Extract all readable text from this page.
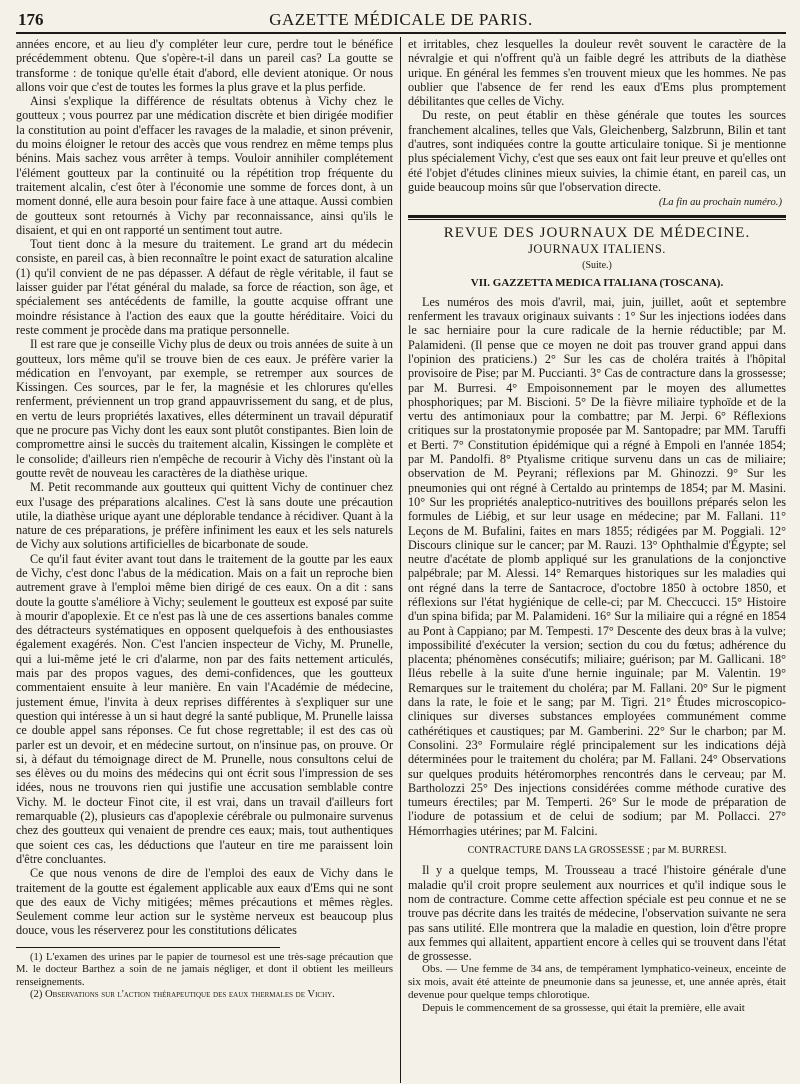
176	GAZETTE MÉDICALE DE PARIS.

années encore, et au lieu d'y compléter leur cure, perdre tout le bénéfice précédemment obtenu. Que s'opère-t-il dans un pareil cas? La goutte se transforme : de tonique qu'elle était d'abord, elle devient atonique. Or nous allons voir que c'est de toutes les formes la plus grave et la plus perfide.

Ainsi s'explique la différence de résultats obtenus à Vichy chez le goutteux ; vous pourrez par une médication discrète et bien dirigée modifier la constitution au point d'effacer les ravages de la maladie, et sinon prévenir, du moins éloigner le retour des accès que vous rendrez en même temps plus bénins. Mais sachez vous arrêter à temps. Vouloir annihiler complétement l'élément goutteux par la continuité ou la répétition trop fréquente du traitement alcalin, c'est ôter à l'économie une somme de forces dont, à un moment donné, elle aura besoin pour faire face à une attaque. Aussi combien de goutteux sont retournés à Vichy par reconnaissance, ainsi qu'ils le disaient, et qui en ont rapporté un sentiment tout autre.

Tout tient donc à la mesure du traitement. Le grand art du médecin consiste, en pareil cas, à bien reconnaître le point exact de saturation alcaline (1) qu'il convient de ne pas dépasser. A défaut de règle véritable, il faut se laisser guider par l'état général du malade, sa force de réaction, son âge, et spécialement ses antécédents de famille, la goutte acquise offrant une moindre résistance à l'action des eaux que la goutte héréditaire. Voici du reste comment je procède dans ma pratique personnelle.

Il est rare que je conseille Vichy plus de deux ou trois années de suite à un goutteux, lors même qu'il se trouve bien de ces eaux. Je préfère varier la médication en l'envoyant, par exemple, se retremper aux sources de Kissingen. Ces sources, par le fer, la magnésie et les chlorures qu'elles renferment, préviennent un trop grand appauvrissement du sang, et de plus, en vertu de leurs propriétés laxatives, elles déterminent un travail dépuratif que ne procure pas Vichy dont les eaux sont plutôt constipantes. Bien loin de compromettre ainsi le succès du traitement alcalin, Kissingen le complète et le consolide; d'ailleurs rien n'empêche de recourir à Vichy dès l'instant où la goutte revêt de nouveau les caractères de la diathèse urique.

M. Petit recommande aux goutteux qui quittent Vichy de continuer chez eux l'usage des préparations alcalines. C'est là sans doute une précaution utile, la diathèse urique ayant une déplorable tendance à récidiver. Quant à la nature de ces préparations, je préfère infiniment les eaux et les sels naturels de Vichy aux solutions artificielles de bicarbonate de soude.

Ce qu'il faut éviter avant tout dans le traitement de la goutte par les eaux de Vichy, c'est donc l'abus de la médication. Mais on a fait un reproche bien autrement grave à l'emploi même bien dirigé de ces eaux. On a dit : sans doute la goutte s'améliore à Vichy; seulement le goutteux est exposé par suite à mourir d'apoplexie. Et ce n'est pas là une de ces assertions banales comme des détracteurs systématiques en opposent quelquefois à des enthousiastes également exagérés. Non. C'est l'ancien inspecteur de Vichy, M. Prunelle, qui a lui-même jeté le cri d'alarme, non par des faits nettement articulés, mais par des propos vagues, des demi-confidences, que les goutteux commentaient ensuite à leur manière. En vain l'Académie de médecine, justement émue, l'invita à deux reprises différentes à s'expliquer sur une question qui intéresse à un si haut degré la santé publique, M. Prunelle laissa ce double appel sans réponses. Ce fut chose regrettable; il est des cas où parler est un devoir, et en médecine surtout, on n'insinue pas, on prouve. Or si, à défaut du témoignage direct de M. Prunelle, nous consultons celui de ses élèves ou du moins des médecins qui ont écrit sous l'impression de ses idées, nous ne trouvons rien qui justifie une accusation semblable contre Vichy. M. le docteur Finot cite, il est vrai, dans un travail d'ailleurs fort remarquable (2), plusieurs cas d'apoplexie cérébrale ou pulmonaire survenus chez des goutteux qui venaient de prendre ces eaux; mais, tout authentiques que soient ces cas, les déductions que l'auteur en tire me paraissent loin d'être concluantes.

Ce que nous venons de dire de l'emploi des eaux de Vichy dans le traitement de la goutte est également applicable aux eaux d'Ems qui ne sont que des eaux de Vichy mitigées; mêmes précautions et mêmes règles. Seulement comme leur action sur le système nerveux est beaucoup plus douce, vous les réserverez pour les constitutions délicates

(1) L'examen des urines par le papier de tournesol est une très-sage précaution que M. le docteur Barthez a soin de ne jamais négliger, et dont il obtient les meilleurs renseignements.

(2) Observations sur l'action thérapeutique des eaux thermales de Vichy.

et irritables, chez lesquelles la douleur revêt souvent le caractère de la névralgie et qui n'offrent qu'à un faible degré les attributs de la diathèse urique. En général les femmes s'en trouvent mieux que les hommes. Ne pas oublier que l'absence de fer rend les eaux d'Ems plus promptement débilitantes que celles de Vichy.

Du reste, on peut établir en thèse générale que toutes les sources franchement alcalines, telles que Vals, Gleichenberg, Salzbrunn, Bilin et tant d'autres, sont indiquées contre la goutte articulaire tonique. Si je mentionne plus spécialement Vichy, c'est que ses eaux ont fait leur preuve et qu'elles ont été l'objet d'études clinines mieux suivies, la chimie étant, en pareil cas, un guide beaucoup moins sûr que l'observation directe.

(La fin au prochain numéro.)
REVUE DES JOURNAUX DE MÉDECINE.
JOURNAUX ITALIENS.
(Suite.)
VII. GAZZETTA MEDICA ITALIANA (TOSCANA).

Les numéros des mois d'avril, mai, juin, juillet, août et septembre renferment les travaux originaux suivants : 1° Sur les injections iodées dans le sac herniaire pour la cure radicale de la hernie réductible; par M. Palamideni. (Il pense que ce moyen ne doit pas trouver grand appui dans l'opinion des praticiens.) 2° Sur les cas de choléra traités à l'hôpital provisoire de Pise; par M. Puccianti. 3° Cas de contracture dans la grossesse; par M. Burresi. 4° Empoisonnement par le moyen des allumettes phosphoriques; par M. Biscioni. 5° De la fièvre miliaire typhoïde et de la vertu des antimoniaux pour la combattre; par M. Jerpi. 6° Réflexions critiques sur la prostatonymie proposée par M. Santopadre; par MM. Taruffi et Berti. 7° Constitution épidémique qui a régné à Empoli en l'année 1854; par M. Pandolfi. 8° Ptyalisme critique survenu dans un cas de miliaire; observation de M. Peyrani; réflexions par M. Ghinozzi. 9° Sur les pneumonies qui ont régné à Certaldo au printemps de 1854; par M. Masini. 10° Sur les propriétés analeptico-nutritives des bouillons préparés selon les formules de Liébig, et sur leur usage en médecine; par M. Fallani. 11° Leçons de M. Bufalini, faites en mars 1855; rédigées par M. Poggiali. 12° Discours clinique sur le cancer; par M. Rauzi. 13° Ophthalmie d'Égypte; sel neutre d'acétate de plomb appliqué sur les granulations de la conjonctive palpébrale; par M. Alessi. 14° Remarques historiques sur les maladies qui ont régné dans la terre de Santacroce, d'octobre 1850 à octobre 1850, et réflexions sur l'état hygiénique de celle-ci; par M. Checcucci. 15° Histoire d'un spina bifida; par M. Palamideni. 16° Sur la miliaire qui a régné en 1854 au Pont à Cappiano; par M. Tempesti. 17° Descente des deux bras à la vulve; impossibilité d'exécuter la version; section du cou du fœtus; adhérence du placenta; phénomènes consécutifs; miliaire; guérison; par M. Gallicani. 18° Iléus rebelle à la suite d'une hernie inguinale; par M. Valentin. 19° Remarques sur le traitement du choléra; par M. Fallani. 20° Sur le pigment dans la rate, le foie et le sang; par M. Tigri. 21° Études microscopico-cliniques sur diverses substances employées communément comme cathérétiques et caustiques; par M. Gamberini. 22° Sur le charbon; par M. Consolini. 23° Formulaire réglé principalement sur les indications déjà déterminées pour le traitement du choléra; par M. Fallani. 24° Observations sur quelques produits hétéromorphes rencontrés dans le cerveau; par M. Bartholozzi 25° Des injections considérées comme méthode curative des tumeurs érectiles; par M. Temperti. 26° Sur le mode de préparation de l'iodure de potassium et de celui de sodium; par M. Pollacci. 27° Hémorrhagies utérines; par M. Falcini.

CONTRACTURE DANS LA GROSSESSE ; par M. BURRESI.

Il y a quelque temps, M. Trousseau a tracé l'histoire générale d'une maladie qu'il croit propre seulement aux nourrices et qu'il indique sous le nom de contracture. Comme cette affection spéciale est peu connue et ne se trouve pas décrite dans les traités de médecine, l'observation suivante ne sera pas sans utilité. Elle montrera que la maladie en question, loin d'être propre aux femmes qui allaitent, appartient encore à celles qui se trouvent dans l'état de grossesse.

Obs. — Une femme de 34 ans, de tempérament lymphatico-veineux, enceinte de six mois, avait été atteinte de pneumonie dans sa jeunesse, et, une année après, était devenue pour quelque temps chlorotique.

Depuis le commencement de sa grossesse, qui était la première, elle avait
